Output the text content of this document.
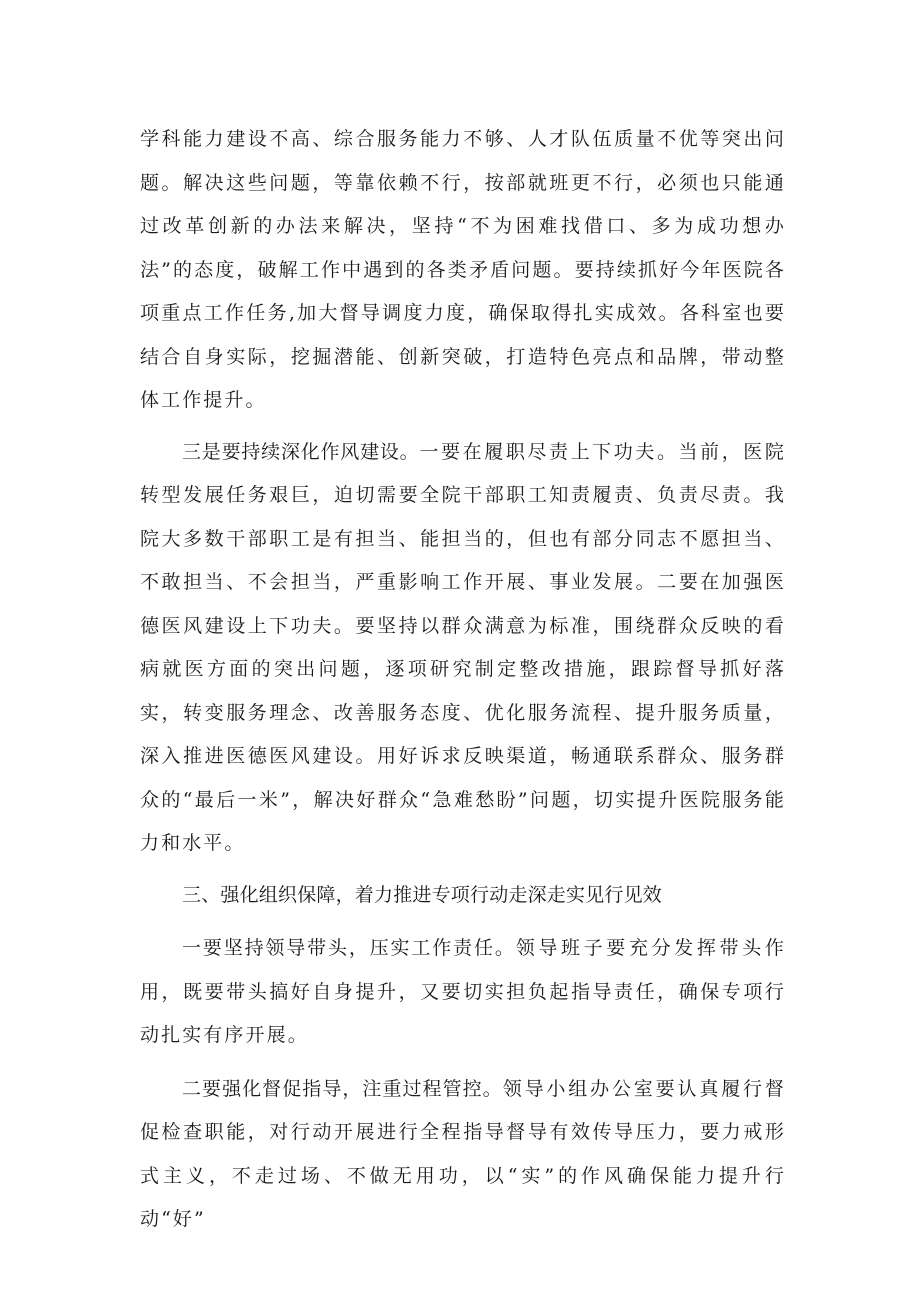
学科能力建设不高、综合服务能力不够、人才队伍质量不优等突出问题。解决这些问题，等靠依赖不行，按部就班更不行，必须也只能通过改革创新的办法来解决，坚持“不为困难找借口、多为成功想办法”的态度，破解工作中遇到的各类矛盾问题。要持续抓好今年医院各项重点工作任务,加大督导调度力度，确保取得扎实成效。各科室也要结合自身实际，挖掘潜能、创新突破，打造特色亮点和品牌，带动整体工作提升。

三是要持续深化作风建设。一要在履职尽责上下功夫。当前，医院转型发展任务艰巨，迫切需要全院干部职工知责履责、负责尽责。我院大多数干部职工是有担当、能担当的，但也有部分同志不愿担当、不敢担当、不会担当，严重影响工作开展、事业发展。二要在加强医德医风建设上下功夫。要坚持以群众满意为标准，围绕群众反映的看病就医方面的突出问题，逐项研究制定整改措施，跟踪督导抓好落实，转变服务理念、改善服务态度、优化服务流程、提升服务质量，深入推进医德医风建设。用好诉求反映渠道，畅通联系群众、服务群众的“最后一米”，解决好群众“急难愁盼”问题，切实提升医院服务能力和水平。

三、强化组织保障，着力推进专项行动走深走实见行见效

一要坚持领导带头，压实工作责任。领导班子要充分发挥带头作用，既要带头搞好自身提升，又要切实担负起指导责任，确保专项行动扎实有序开展。

二要强化督促指导，注重过程管控。领导小组办公室要认真履行督促检查职能，对行动开展进行全程指导督导有效传导压力，要力戒形式主义，不走过场、不做无用功，以“实”的作风确保能力提升行动“好”
